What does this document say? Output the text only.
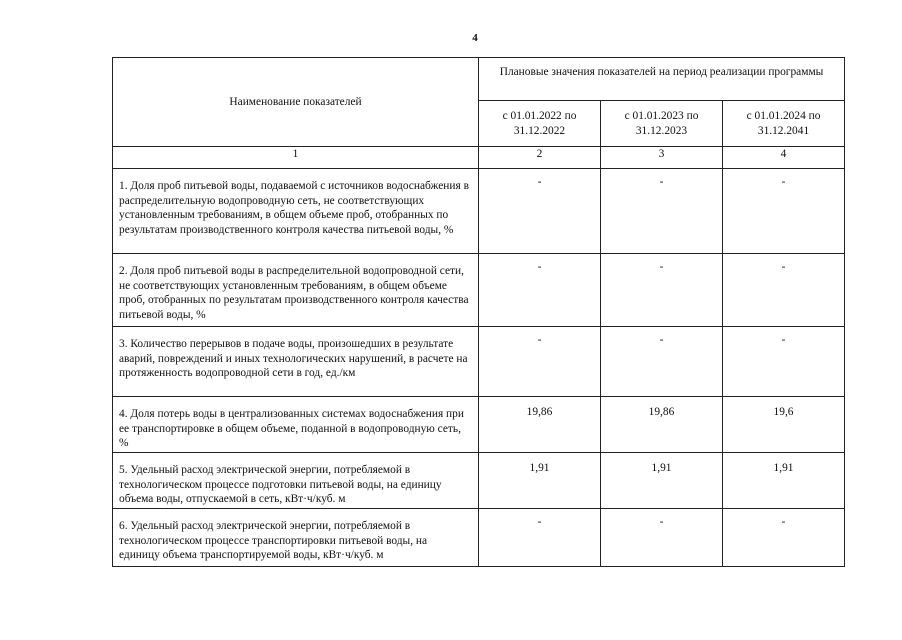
4
Наименование показателей	Плановые значения показателей на период реализации программы		
	с 01.01.2022 по 31.12.2022	с 01.01.2023 по 31.12.2023	с 01.01.2024 по 31.12.2041
1	2	3	4
1. Доля проб питьевой воды, подаваемой с источников водоснабжения в распределительную водопроводную сеть, не соответствующих установленным требованиям, в общем объеме проб, отобранных по результатам производственного контроля качества питьевой воды, %	-	-	-
2. Доля проб питьевой воды в распределительной водопроводной сети, не соответствующих установленным требованиям, в общем объеме проб, отобранных по результатам производственного контроля качества питьевой воды, %	-	-	-
3. Количество перерывов в подаче воды, произошедших в результате аварий, повреждений и иных технологических нарушений, в расчете на протяженность водопроводной сети в год, ед./км	-	-	-
4. Доля потерь воды в централизованных системах водоснабжения при ее транспортировке в общем объеме, поданной в водопроводную сеть, %	19,86	19,86	19,6
5. Удельный расход электрической энергии, потребляемой в технологическом процессе подготовки питьевой воды, на единицу объема воды, отпускаемой в сеть, кВт·ч/куб. м	1,91	1,91	1,91
6. Удельный расход электрической энергии, потребляемой в технологическом процессе транспортировки питьевой воды, на единицу объема транспортируемой воды, кВт·ч/куб. м	-	-	-
